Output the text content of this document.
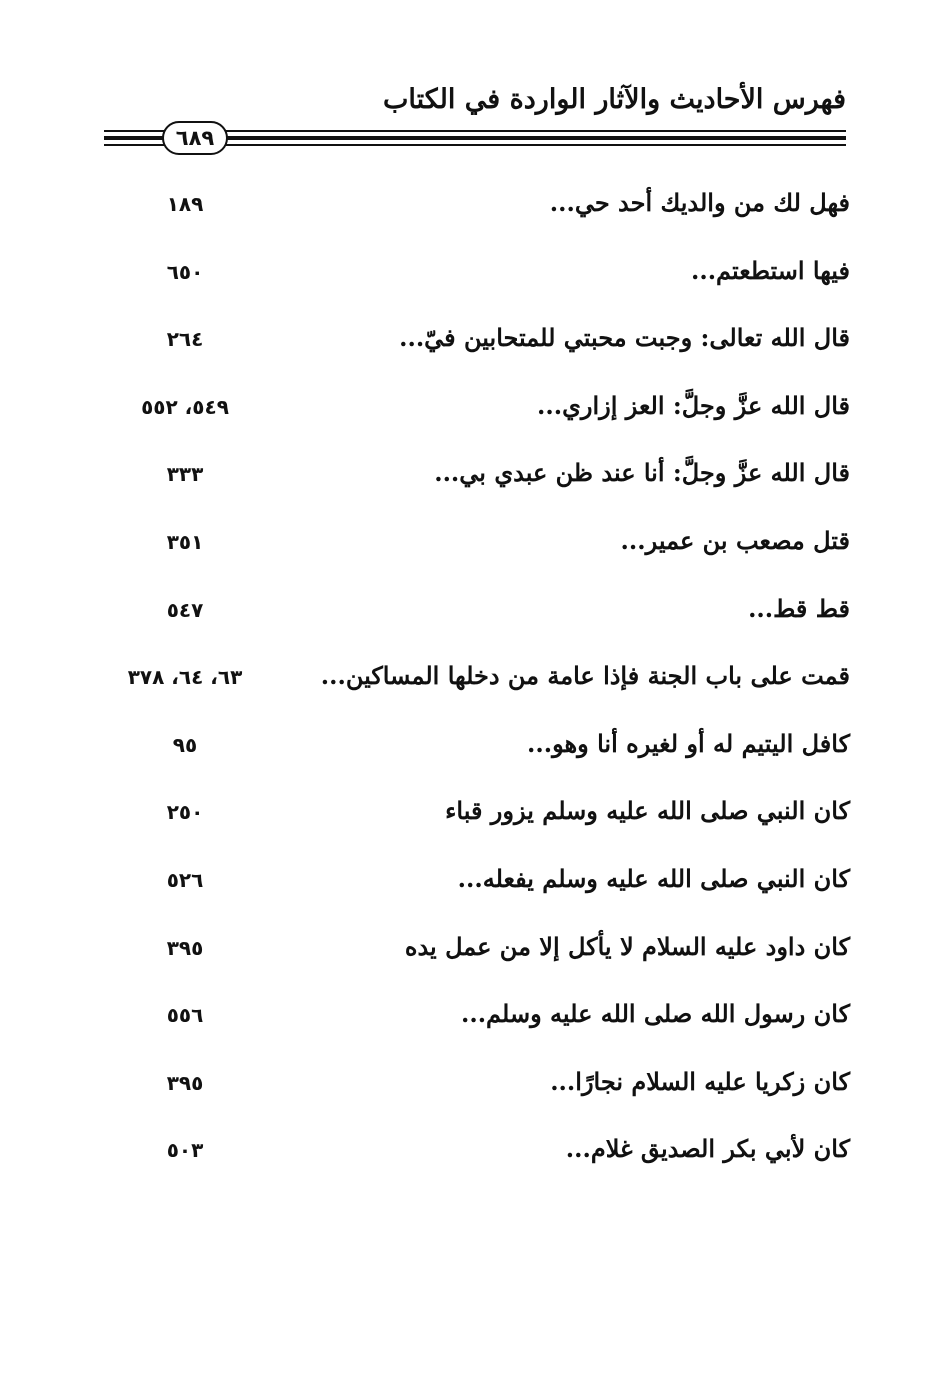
فهرس الأحاديث والآثار الواردة في الكتاب
٦٨٩
فهل لك من والديك أحد حي...
١٨٩
فيها استطعتم...
٦٥٠
قال الله تعالى: وجبت محبتي للمتحابين فيّ...
٢٦٤
قال الله عزَّ وجلَّ: العز إزاري...
٥٤٩، ٥٥٢
قال الله عزَّ وجلَّ: أنا عند ظن عبدي بي...
٣٣٣
قتل مصعب بن عمير...
٣٥١
قط قط...
٥٤٧
قمت على باب الجنة فإذا عامة من دخلها المساكين...
٦٣، ٦٤، ٣٧٨
كافل اليتيم له أو لغيره أنا وهو...
٩٥
كان النبي صلى الله عليه وسلم يزور قباء
٢٥٠
كان النبي صلى الله عليه وسلم يفعله...
٥٢٦
كان داود عليه السلام لا يأكل إلا من عمل يده
٣٩٥
كان رسول الله صلى الله عليه وسلم...
٥٥٦
كان زكريا عليه السلام نجارًا...
٣٩٥
كان لأبي بكر الصديق غلام...
٥٠٣
